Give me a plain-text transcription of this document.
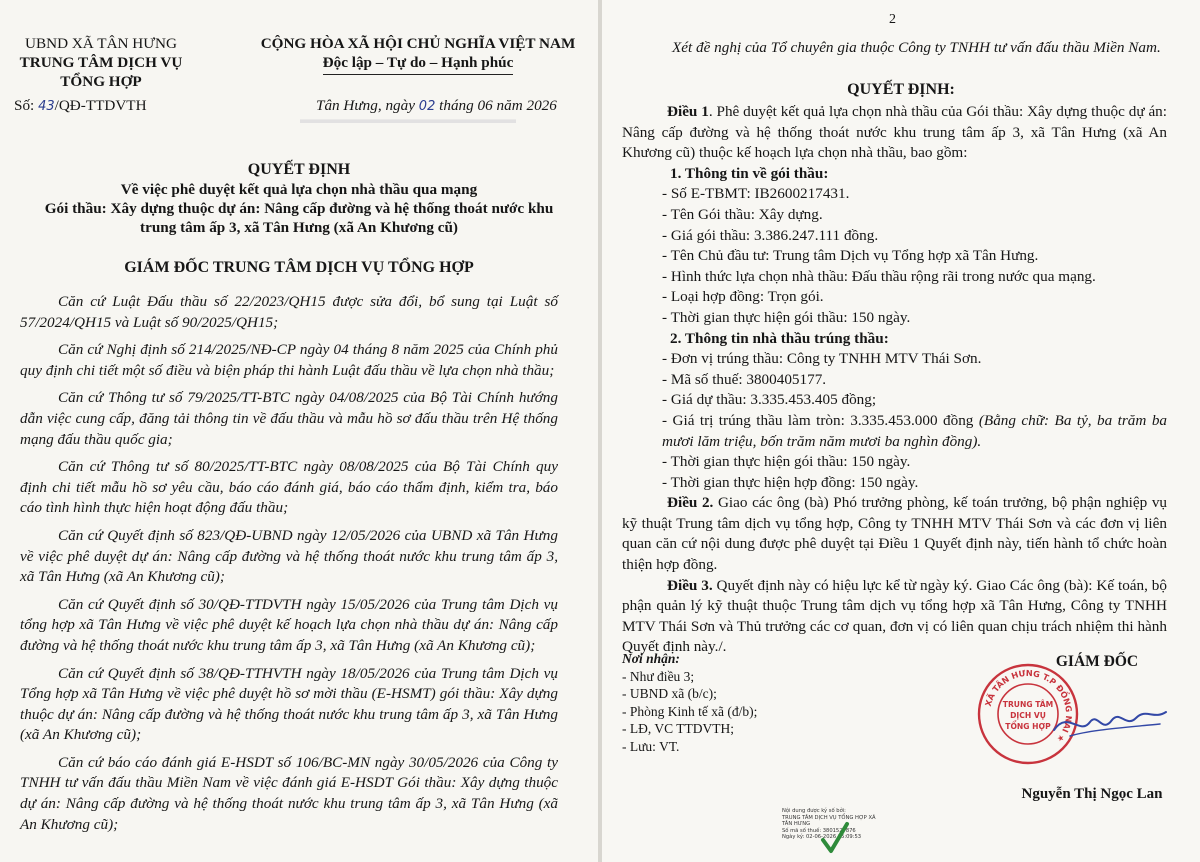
▬▬▬▬▬▬▬▬▬▬▬▬▬▬▬▬▬▬
UBND XÃ TÂN HƯNG
TRUNG TÂM DỊCH VỤ
TỔNG HỢP
CỘNG HÒA XÃ HỘI CHỦ NGHĨA VIỆT NAM
Độc lập – Tự do – Hạnh phúc
Số: 43/QĐ-TTDVTH	Tân Hưng, ngày 02 tháng 06 năm 2026
QUYẾT ĐỊNH
Về việc phê duyệt kết quả lựa chọn nhà thầu qua mạng
Gói thầu: Xây dựng thuộc dự án: Nâng cấp đường và hệ thống thoát nước khu
trung tâm ấp 3, xã Tân Hưng (xã An Khương cũ)
GIÁM ĐỐC TRUNG TÂM DỊCH VỤ TỔNG HỢP

Căn cứ Luật Đấu thầu số 22/2023/QH15 được sửa đổi, bổ sung tại Luật số 57/2024/QH15 và Luật số 90/2025/QH15;

Căn cứ Nghị định số 214/2025/NĐ-CP ngày 04 tháng 8 năm 2025 của Chính phủ quy định chi tiết một số điều và biện pháp thi hành Luật đấu thầu về lựa chọn nhà thầu;

Căn cứ Thông tư số 79/2025/TT-BTC ngày 04/08/2025 của Bộ Tài Chính hướng dẫn việc cung cấp, đăng tải thông tin về đấu thầu và mẫu hồ sơ đấu thầu trên Hệ thống mạng đấu thầu quốc gia;

Căn cứ Thông tư số 80/2025/TT-BTC ngày 08/08/2025 của Bộ Tài Chính quy định chi tiết mẫu hồ sơ yêu cầu, báo cáo đánh giá, báo cáo thẩm định, kiểm tra, báo cáo tình hình thực hiện hoạt động đấu thầu;

Căn cứ Quyết định số 823/QĐ-UBND ngày 12/05/2026 của UBND xã Tân Hưng về việc phê duyệt dự án: Nâng cấp đường và hệ thống thoát nước khu trung tâm ấp 3, xã Tân Hưng (xã An Khương cũ);

Căn cứ Quyết định số 30/QĐ-TTDVTH ngày 15/05/2026 của Trung tâm Dịch vụ tổng hợp xã Tân Hưng về việc phê duyệt kế hoạch lựa chọn nhà thầu dự án: Nâng cấp đường và hệ thống thoát nước khu trung tâm ấp 3, xã Tân Hưng (xã An Khương cũ);

Căn cứ Quyết định số 38/QĐ-TTHVTH ngày 18/05/2026 của Trung tâm Dịch vụ Tổng hợp xã Tân Hưng về việc phê duyệt hồ sơ mời thầu (E-HSMT) gói thầu: Xây dựng thuộc dự án: Nâng cấp đường và hệ thống thoát nước khu trung tâm ấp 3, xã Tân Hưng (xã An Khương cũ);

Căn cứ báo cáo đánh giá E-HSDT số 106/BC-MN ngày 30/05/2026 của Công ty TNHH tư vấn đấu thầu Miền Nam về việc đánh giá E-HSDT Gói thầu: Xây dựng thuộc dự án: Nâng cấp đường và hệ thống thoát nước khu trung tâm ấp 3, xã Tân Hưng (xã An Khương cũ);

2
Xét đề nghị của Tổ chuyên gia thuộc Công ty TNHH tư vấn đấu thầu Miền Nam.
QUYẾT ĐỊNH:

Điều 1. Phê duyệt kết quả lựa chọn nhà thầu của Gói thầu: Xây dựng thuộc dự án: Nâng cấp đường và hệ thống thoát nước khu trung tâm ấp 3, xã Tân Hưng (xã An Khương cũ) thuộc kế hoạch lựa chọn nhà thầu, bao gồm:

1. Thông tin về gói thầu:

- Số E-TBMT: IB2600217431.

- Tên Gói thầu: Xây dựng.

- Giá gói thầu: 3.386.247.111 đồng.

- Tên Chủ đầu tư: Trung tâm Dịch vụ Tổng hợp xã Tân Hưng.

- Hình thức lựa chọn nhà thầu: Đấu thầu rộng rãi trong nước qua mạng.

- Loại hợp đồng: Trọn gói.

- Thời gian thực hiện gói thầu: 150 ngày.

2. Thông tin nhà thầu trúng thầu:

- Đơn vị trúng thầu: Công ty TNHH MTV Thái Sơn.

- Mã số thuế: 3800405177.

- Giá dự thầu: 3.335.453.405 đồng;

- Giá trị trúng thầu làm tròn: 3.335.453.000 đồng (Bằng chữ: Ba tỷ, ba trăm ba mươi lăm triệu, bốn trăm năm mươi ba nghìn đồng).

- Thời gian thực hiện gói thầu: 150 ngày.

- Thời gian thực hiện hợp đồng: 150 ngày.

Điều 2. Giao các ông (bà) Phó trưởng phòng, kế toán trưởng, bộ phận nghiệp vụ kỹ thuật Trung tâm dịch vụ tổng hợp, Công ty TNHH MTV Thái Sơn và các đơn vị liên quan căn cứ nội dung được phê duyệt tại Điều 1 Quyết định này, tiến hành tổ chức hoàn thiện hợp đồng.

Điều 3. Quyết định này có hiệu lực kể từ ngày ký. Giao Các ông (bà): Kế toán, bộ phận quản lý kỹ thuật thuộc Trung tâm dịch vụ tổng hợp xã Tân Hưng, Công ty TNHH MTV Thái Sơn và Thủ trưởng các cơ quan, đơn vị có liên quan chịu trách nhiệm thi hành Quyết định này./.

Nơi nhận:
- Như điều 3;
- UBND xã (b/c);
- Phòng Kinh tế xã (đ/b);
- LĐ, VC TTDVTH;
- Lưu: VT.
GIÁM ĐỐC
XÃ TÂN HƯNG T.P ĐỒNG NAI ★
TRUNG TÂM
DỊCH VỤ
TỔNG HỢP
Nguyễn Thị Ngọc Lan
Nội dung được ký số bởi:
TRUNG TÂM DỊCH VỤ TỔNG HỢP XÃ
TÂN HƯNG
Số mã số thuế: 3801527876
Ngày ký: 02-06-2026 15:09:53
